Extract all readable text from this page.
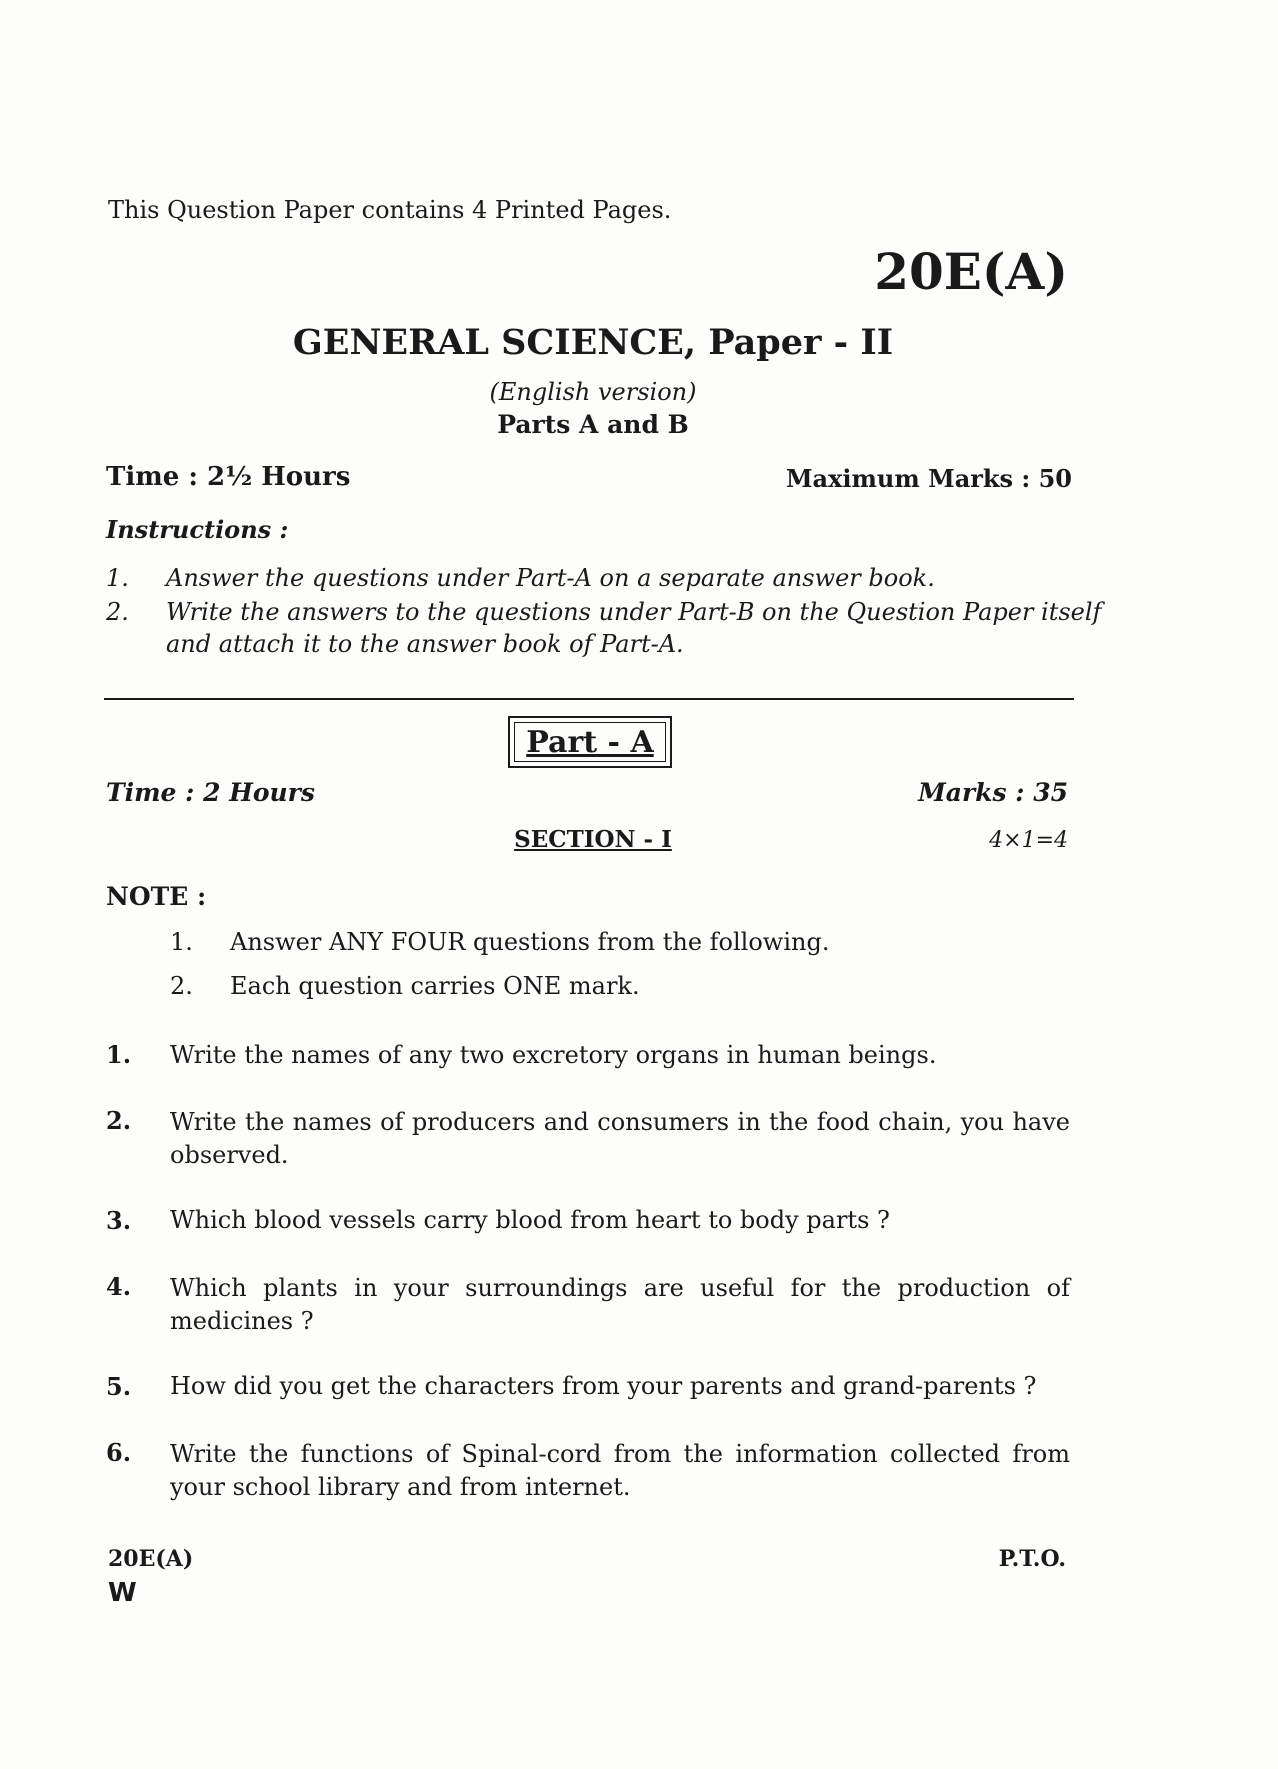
This Question Paper contains 4 Printed Pages.
20E(A)
GENERAL SCIENCE, Paper - II
(English version)
Parts A and B
Time : 2½ Hours	Maximum Marks : 50
Instructions :
1. Answer the questions under Part-A on a separate answer book.
2. Write the answers to the questions under Part-B on the Question Paper itself
and attach it to the answer book of Part-A.
Part - A
Time : 2 Hours	Marks : 35
SECTION - I	4×1=4
NOTE :
1. Answer ANY FOUR questions from the following.
2. Each question carries ONE mark.
1. Write the names of any two excretory organs in human beings.
2.	Write the names of producers and consumers in the food chain, you have observed.
3.	Which blood vessels carry blood from heart to body parts ?
4.	Which plants in your surroundings are useful for the production of medicines ?
5.	How did you get the characters from your parents and grand-parents ?
6.	Write the functions of Spinal-cord from the information collected from your school library and from internet.
20E(A)
W
P.T.O.
